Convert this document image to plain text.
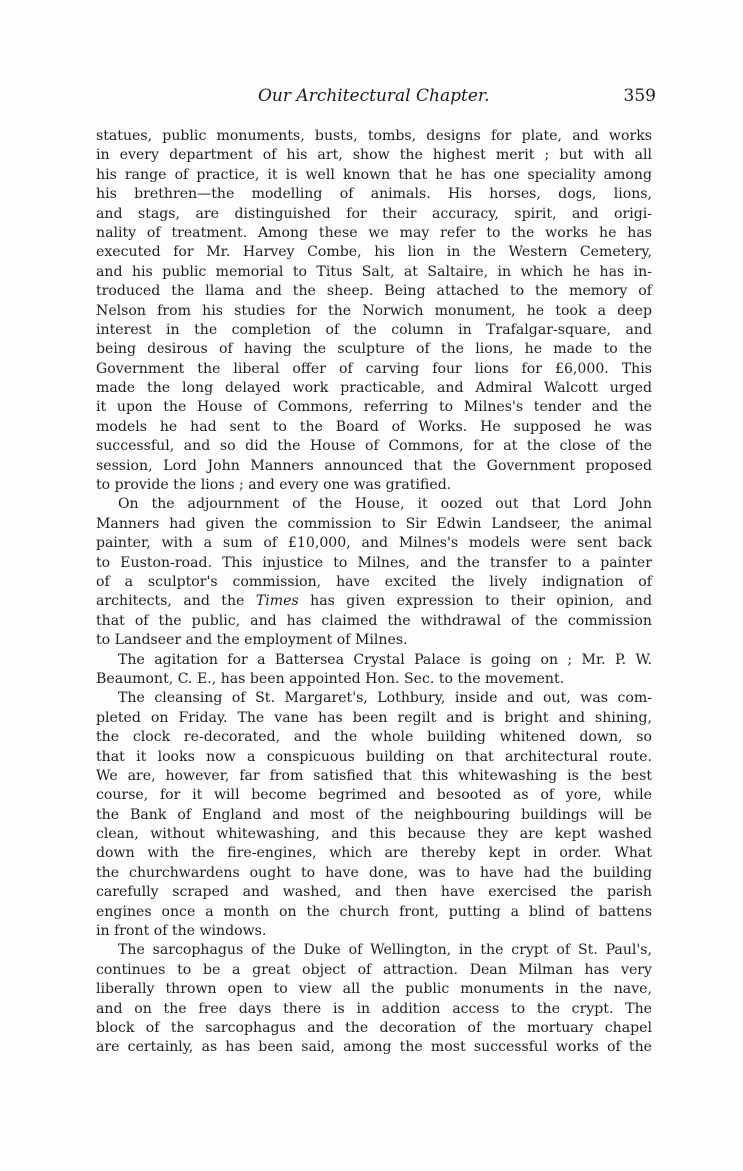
Our Architectural Chapter.	359
statues, public monuments, busts, tombs, designs for plate, and works
in every department of his art, show the highest merit ; but with all
his range of practice, it is well known that he has one speciality among
his brethren—the modelling of animals. His horses, dogs, lions,
and stags, are distinguished for their accuracy, spirit, and origi-
nality of treatment. Among these we may refer to the works he has
executed for Mr. Harvey Combe, his lion in the Western Cemetery,
and his public memorial to Titus Salt, at Saltaire, in which he has in-
troduced the llama and the sheep. Being attached to the memory of
Nelson from his studies for the Norwich monument, he took a deep
interest in the completion of the column in Trafalgar-square, and
being desirous of having the sculpture of the lions, he made to the
Government the liberal offer of carving four lions for £6,000. This
made the long delayed work practicable, and Admiral Walcott urged
it upon the House of Commons, referring to Milnes's tender and the
models he had sent to the Board of Works. He supposed he was
successful, and so did the House of Commons, for at the close of the
session, Lord John Manners announced that the Government proposed
to provide the lions ; and every one was gratified.
On the adjournment of the House, it oozed out that Lord John
Manners had given the commission to Sir Edwin Landseer, the animal
painter, with a sum of £10,000, and Milnes's models were sent back
to Euston-road. This injustice to Milnes, and the transfer to a painter
of a sculptor's commission, have excited the lively indignation of
architects, and the Times has given expression to their opinion, and
that of the public, and has claimed the withdrawal of the commission
to Landseer and the employment of Milnes.
The agitation for a Battersea Crystal Palace is going on ; Mr. P. W.
Beaumont, C. E., has been appointed Hon. Sec. to the movement.
The cleansing of St. Margaret's, Lothbury, inside and out, was com-
pleted on Friday. The vane has been regilt and is bright and shining,
the clock re-decorated, and the whole building whitened down, so
that it looks now a conspicuous building on that architectural route.
We are, however, far from satisfied that this whitewashing is the best
course, for it will become begrimed and besooted as of yore, while
the Bank of England and most of the neighbouring buildings will be
clean, without whitewashing, and this because they are kept washed
down with the fire-engines, which are thereby kept in order. What
the churchwardens ought to have done, was to have had the building
carefully scraped and washed, and then have exercised the parish
engines once a month on the church front, putting a blind of battens
in front of the windows.
The sarcophagus of the Duke of Wellington, in the crypt of St. Paul's,
continues to be a great object of attraction. Dean Milman has very
liberally thrown open to view all the public monuments in the nave,
and on the free days there is in addition access to the crypt. The
block of the sarcophagus and the decoration of the mortuary chapel
are certainly, as has been said, among the most successful works of the
